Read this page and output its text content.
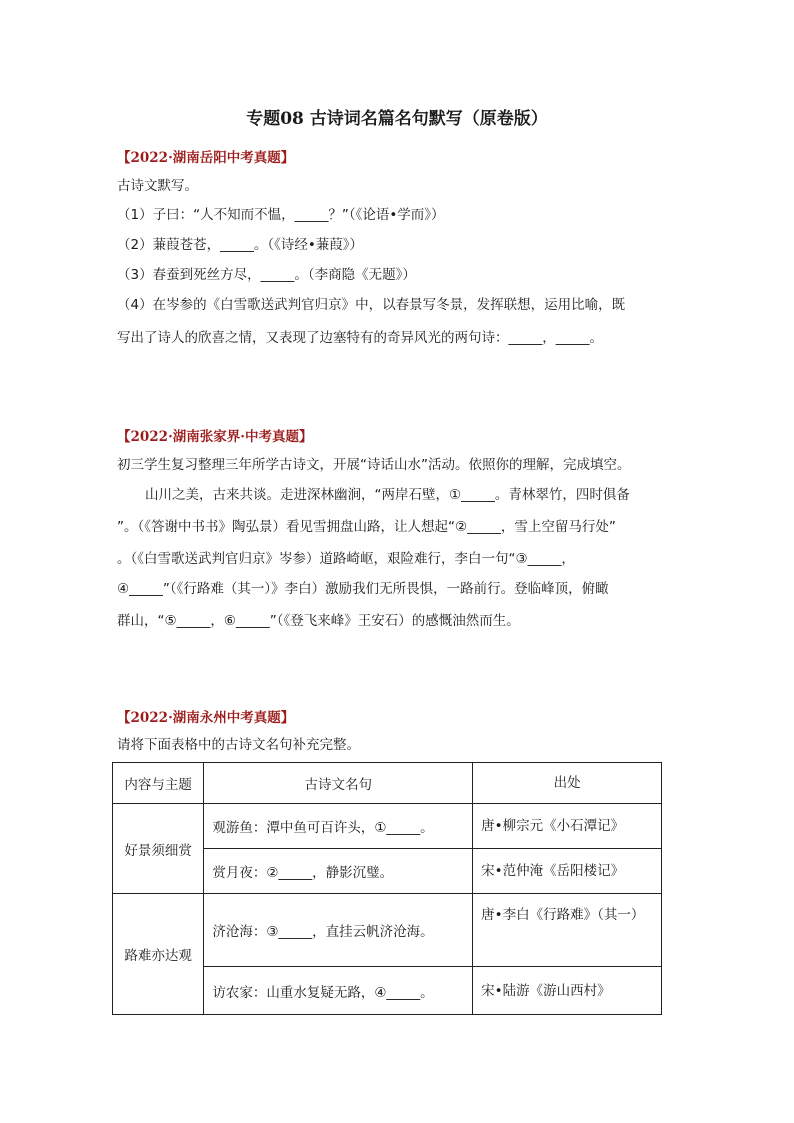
专题08 古诗词名篇名句默写（原卷版）
【2022·湖南岳阳中考真题】
古诗文默写。
（1）子曰：“人不知而不愠，_____？”（《论语•学而》）
（2）蒹葭苍苍，_____。（《诗经•蒹葭》）
（3）春蚕到死丝方尽，_____。（李商隐《无题》）
（4）在岑参的《白雪歌送武判官归京》中，以春景写冬景，发挥联想，运用比喻，既
写出了诗人的欣喜之情，又表现了边塞特有的奇异风光的两句诗：_____，_____。
【2022·湖南张家界·中考真题】
初三学生复习整理三年所学古诗文，开展“诗话山水”活动。依照你的理解，完成填空。
山川之美，古来共谈。走进深林幽涧，“两岸石壁，①_____。青林翠竹，四时俱备
”。（《答谢中书书》陶弘景）看见雪拥盘山路，让人想起“②_____，雪上空留马行处”
。（《白雪歌送武判官归京》岑参）道路崎岖，艰险难行，李白一句“③_____，
④_____”（《行路难（其一）》李白）激励我们无所畏惧，一路前行。登临峰顶，俯瞰
群山，“⑤_____，⑥_____”（《登飞来峰》王安石）的感慨油然而生。
【2022·湖南永州中考真题】
请将下面表格中的古诗文名句补充完整。
内容与主题	古诗文名句	出处
好景须细赏	观游鱼：潭中鱼可百许头，①_____。	唐•柳宗元《小石潭记》
	赏月夜：②_____，静影沉璧。	宋•范仲淹《岳阳楼记》
路难亦达观	济沧海：③_____，直挂云帆济沧海。	唐•李白《行路难》（其一）
	访农家：山重水复疑无路，④_____。	宋•陆游《游山西村》
